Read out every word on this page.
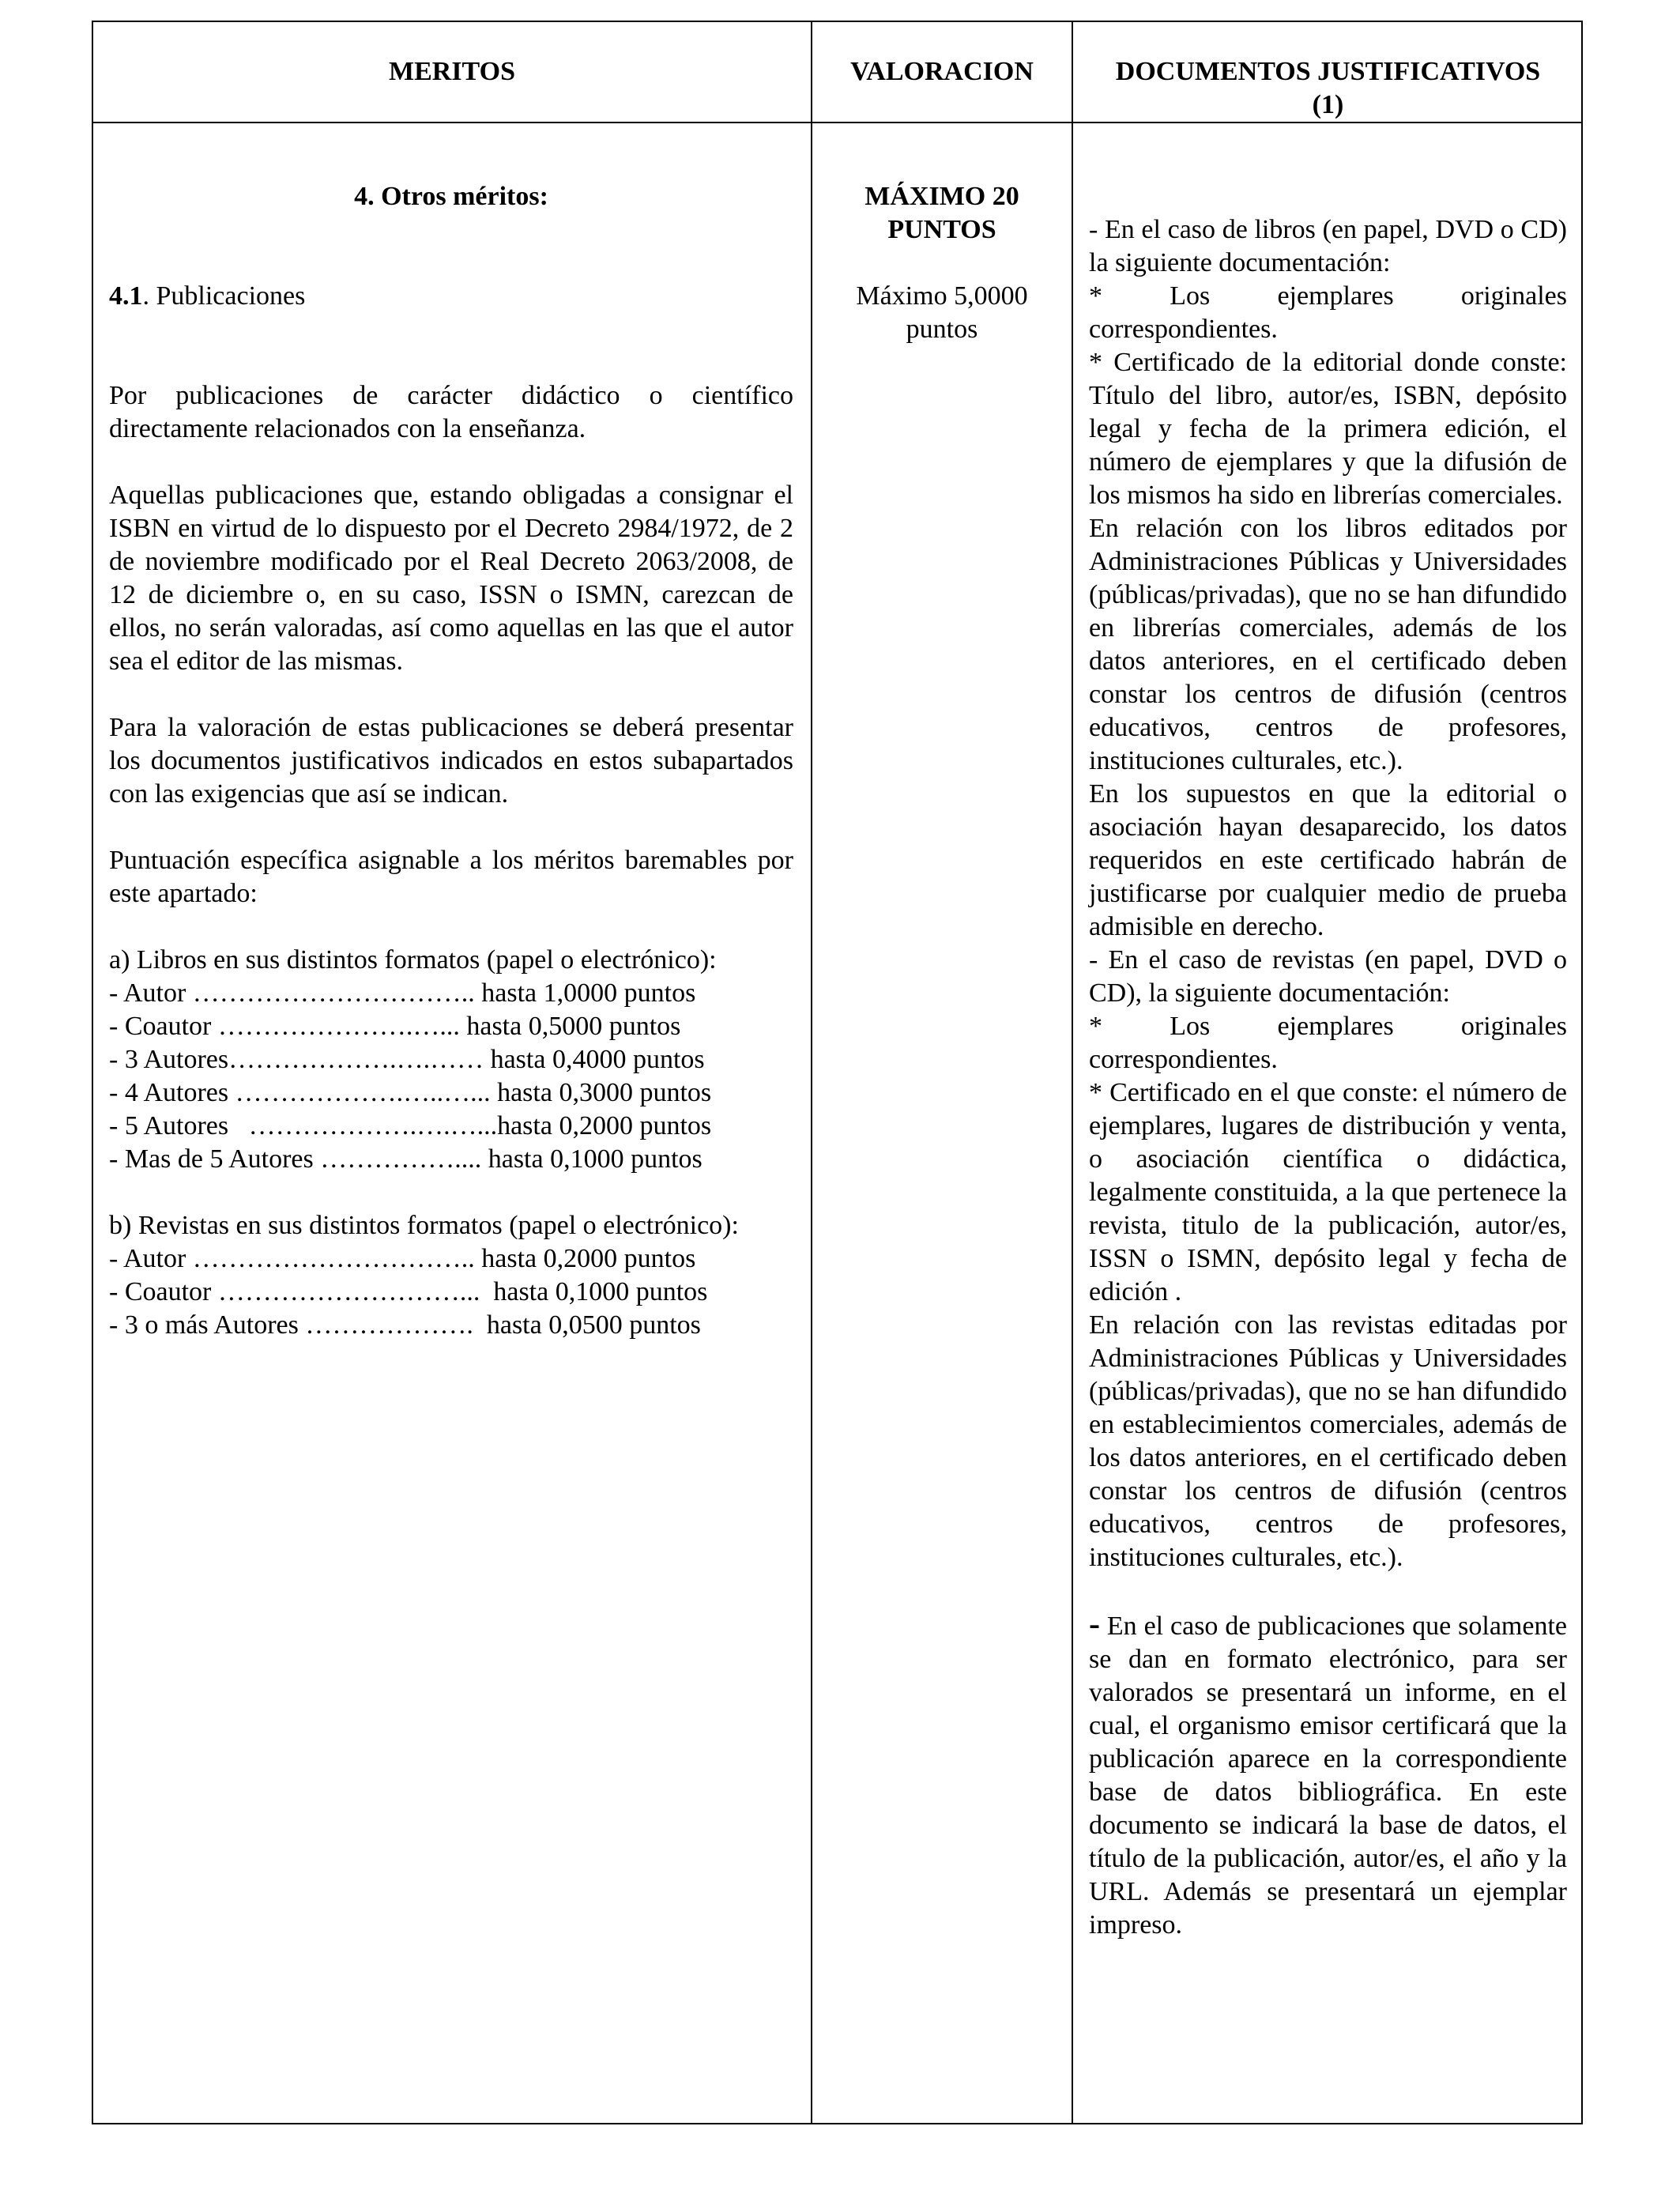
MERITOS	VALORACION	DOCUMENTOS JUSTIFICATIVOS
(1)

4. Otros méritos:

4.1. Publicaciones

Por publicaciones de carácter didáctico o científico directamente relacionados con la enseñanza.

Aquellas publicaciones que, estando obligadas a consignar el ISBN en virtud de lo dispuesto por el Decreto 2984/1972, de 2 de noviembre modificado por el Real Decreto 2063/2008, de 12 de diciembre o, en su caso, ISSN o ISMN, carezcan de ellos, no serán valoradas, así como aquellas en las que el autor sea el editor de las mismas.

Para la valoración de estas publicaciones se deberá presentar los documentos justificativos indicados en estos subapartados con las exigencias que así se indican.

Puntuación específica asignable a los méritos baremables por este apartado:

a) Libros en sus distintos formatos (papel o electrónico):

- Autor ………………………….. hasta 1,0000 puntos

- Coautor ………………….…... hasta 0,5000 puntos

- 3 Autores……………….….…… hasta 0,4000 puntos

- 4 Autores ……………….…..…... hasta 0,3000 puntos

- 5 Autores   ……………….….…...hasta 0,2000 puntos

- Mas de 5 Autores …………….... hasta 0,1000 puntos

b) Revistas en sus distintos formatos (papel o electrónico):

- Autor ………………………….. hasta 0,2000 puntos

- Coautor ………………………...  hasta 0,1000 puntos

- 3 o más Autores ……………….  hasta 0,0500 puntos

MÁXIMO 20

PUNTOS

Máximo 5,0000

puntos

- En el caso de libros (en papel, DVD o CD) la siguiente documentación:

* Los ejemplares originales correspondientes.

* Certificado de la editorial donde conste: Título del libro, autor/es, ISBN, depósito legal y fecha de la primera edición, el número de ejemplares y que la difusión de los mismos ha sido en librerías comerciales.

En relación con los libros editados por Administraciones Públicas y Universidades (públicas/privadas), que no se han difundido en librerías comerciales, además de los datos anteriores, en el certificado deben constar los centros de difusión (centros educativos, centros de profesores, instituciones culturales, etc.).

En los supuestos en que la editorial o asociación hayan desaparecido, los datos requeridos en este certificado habrán de justificarse por cualquier medio de prueba admisible en derecho.

- En el caso de revistas (en papel, DVD o CD), la siguiente documentación:

* Los ejemplares originales correspondientes.

* Certificado en el que conste: el número de ejemplares, lugares de distribución y venta, o asociación científica o didáctica, legalmente constituida, a la que pertenece la revista, titulo de la publicación, autor/es, ISSN o ISMN, depósito legal y fecha de edición .

En relación con las revistas editadas por Administraciones Públicas y Universidades (públicas/privadas), que no se han difundido en establecimientos comerciales, además de los datos anteriores, en el certificado deben constar los centros de difusión (centros educativos, centros de profesores, instituciones culturales, etc.).

- En el caso de publicaciones que solamente se dan en formato electrónico, para ser valorados se presentará un informe, en el cual, el organismo emisor certificará que la publicación aparece en la correspondiente base de datos bibliográfica. En este documento se indicará la base de datos, el título de la publicación, autor/es, el año y la URL. Además se presentará un ejemplar impreso.
